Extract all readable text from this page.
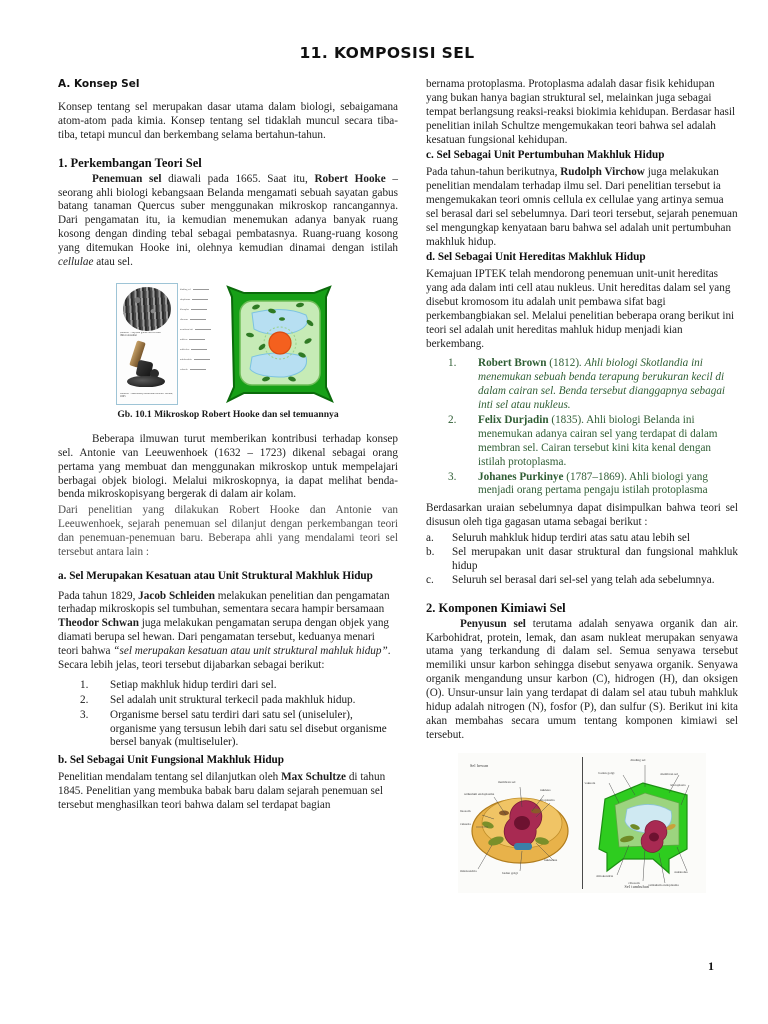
11. KOMPOSISI SEL
A. Konsep Sel

Konsep tentang sel merupakan dasar utama dalam biologi, sebaigamana atom-atom pada kimia. Konsep tentang sel tidaklah muncul secara tiba-tiba, tetapi muncul dan berkembang selama bertahun-tahun.

1. Perkembangan Teori Sel

Penemuan sel diawali pada 1665. Saat itu, Robert Hooke –seorang ahli biologi kebangsaan Belanda mengamati sebuah sayatan gabus batang tanaman Quercus suber menggunakan mikroskop rancangannya. Dari pengamatan itu, ia kemudian menemukan adanya banyak ruang kosong dengan dinding tebal sebagai pembatasnya. Ruang-ruang kosong yang ditemukan Hooke ini, olehnya kemudian dinamai dengan istilah cellulae atau sel.

Gambar : Sayatan gabus dari Hooke (Micrographia)
Gambar : Mikroskop sederhana Robert Hooke, 1665
dinding sel
sitoplasma
kloroplas
ribosom
membran inti
nukleus
nukleolus
mitokondria
vakuola
Gb. 10.1 Mikroskop Robert Hooke dan sel temuannya

Beberapa ilmuwan turut memberikan kontribusi terhadap konsep sel. Antonie van Leeuwenhoek (1632 – 1723) dikenal sebagai orang pertama yang membuat dan menggunakan mikroskop untuk mempelajari berbagai objek biologi. Melalui mikroskopnya, ia dapat melihat benda-benda mikroskopisyang bergerak di dalam air kolam.

Dari penelitian yang dilakukan Robert Hooke dan Antonie van Leeuwenhoek, sejarah penemuan sel dilanjut dengan perkembangan teori dan penemuan-penemuan baru. Beberapa ahli yang mendalami teori sel tersebut antara lain :

a. Sel Merupakan Kesatuan atau Unit Struktural Makhluk Hidup

Pada tahun 1829, Jacob Schleiden melakukan penelitian dan pengamatan terhadap mikroskopis sel tumbuhan, sementara secara hampir bersamaan Theodor Schwan juga melakukan pengamatan serupa dengan objek yang diamati berupa sel hewan. Dari pengamatan tersebut, keduanya menari teori bahwa “sel merupakan kesatuan atau unit struktural mahluk hidup”. Secara lebih jelas, teori tersebut dijabarkan sebagai berikut:

Setiap makhluk hidup terdiri dari sel.
Sel adalah unit struktural terkecil pada makhluk hidup.
Organisme bersel satu terdiri dari satu sel (uniseluler), organisme yang tersusun lebih dari satu sel disebut organisme bersel banyak (multiseluler).
b. Sel Sebagai Unit Fungsional Makhluk Hidup

Penelitian mendalam tentang sel dilanjutkan oleh Max Schultze di tahun 1845. Penelitian yang membuka babak baru dalam sejarah penemuan sel tersebut menghasilkan teori bahwa dalam sel terdapat bagian

bernama protoplasma. Protoplasma adalah dasar fisik kehidupan yang bukan hanya bagian struktural sel, melainkan juga sebagai tempat berlangsung reaksi-reaksi biokimia kehidupan. Berdasar hasil penelitian inilah Schultze mengemukakan teori bahwa sel adalah kesatuan fungsional kehidupan.

c. Sel Sebagai Unit Pertumbuhan Makhluk Hidup

Pada tahun-tahun berikutnya, Rudolph Virchow juga melakukan penelitian mendalam terhadap ilmu sel. Dari penelitian tersebut ia mengemukakan teori omnis cellula ex cellulae yang artinya semua sel berasal dari sel sebelumnya. Dari teori tersebut, sejarah penemuan sel mengungkap kenyataan baru bahwa sel adalah unit pertumbuhan makhluk hidup.

d. Sel Sebagai Unit Hereditas Makhluk Hidup

Kemajuan IPTEK telah mendorong penemuan unit-unit hereditas yang ada dalam inti cell atau nukleus. Unit hereditas dalam sel yang disebut kromosom itu adalah unit pembawa sifat bagi perkembangbiakan sel. Melalui penelitian beberapa orang berikut ini teori sel adalah unit hereditas mahluk hidup menjadi kian berkembang.

Robert Brown (1812). Ahli biologi Skotlandia ini menemukan sebuah benda terapung berukuran kecil di dalam cairan sel. Benda tersebut dianggapnya sebagai inti sel atau nukleus.
Felix Durjadin (1835). Ahli biologi Belanda ini menemukan adanya cairan sel yang terdapat di dalam membran sel. Cairan tersebut kini kita kenal dengan istilah protoplasma.
Johanes Purkinye (1787–1869). Ahli biologi yang menjadi orang pertama pengaju istilah protoplasma

Berdasarkan uraian sebelumnya dapat disimpulkan bahwa teori sel disusun oleh tiga gagasan utama sebagai berikut :

Seluruh mahkluk hidup terdiri atas satu atau lebih sel
Sel merupakan unit dasar struktural dan fungsional mahkluk hidup
Seluruh sel berasal dari sel-sel yang telah ada sebelumnya.
2. Komponen Kimiawi Sel

Penyusun sel terutama adalah senyawa organik dan air. Karbohidrat, protein, lemak, dan asam nukleat merupakan senyawa utama yang terkandung di dalam sel. Semua senyawa tersebut memiliki unsur karbon sehingga disebut senyawa organik. Senyawa organik mengandung unsur karbon (C), hidrogen (H), dan oksigen (O). Unsur-unsur lain yang terdapat di dalam sel atau tubuh mahkluk hidup adalah nitrogen (N), fosfor (P), dan sulfur (S). Berikut ini kita akan membahas secara umum tentang komponen kimiawi sel tersebut.

Sel hewan
retikulum endoplasma
membran sel
nukleus
sitoplasma
lisosom
vakuola
mitokondria	badan golgi
nukleolus
dinding sel
badan golgi	membran sel
vakuola	kloroplasta
mitokondria
ribosom	retikulum endoplasma
nukleolus
Sel tumbuhan
1
